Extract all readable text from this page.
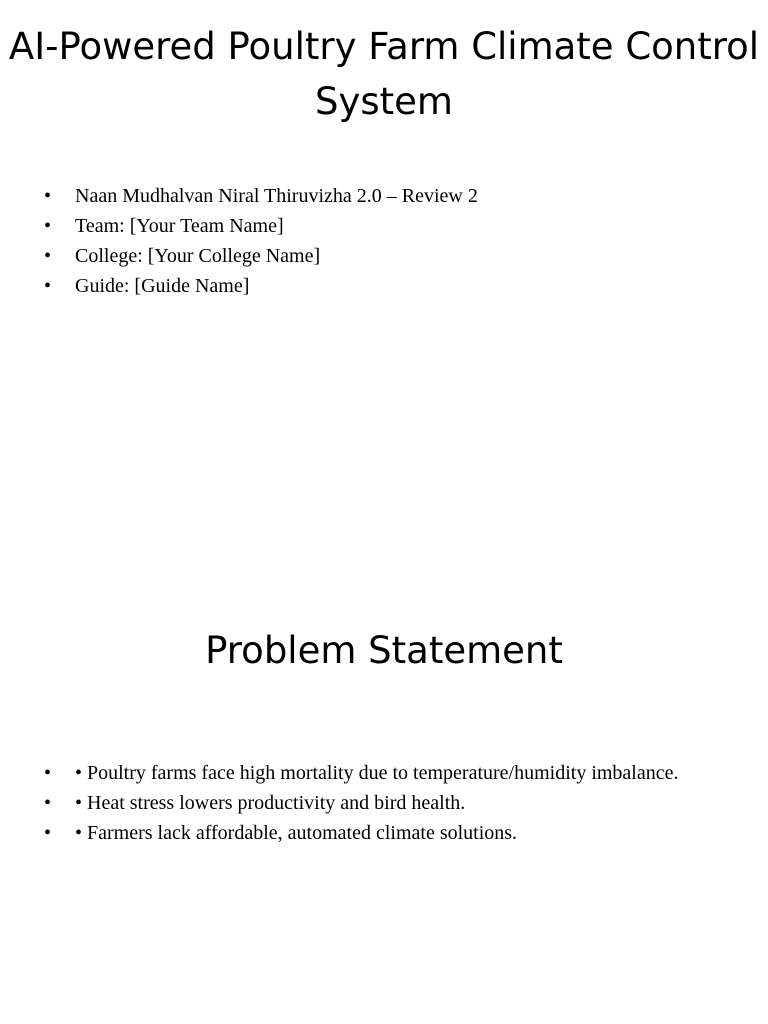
AI-Powered Poultry Farm Climate Control System
• Naan Mudhalvan Niral Thiruvizha 2.0 – Review 2
• Team: [Your Team Name]
• College: [Your College Name]
• Guide: [Guide Name]
Problem Statement
• • Poultry farms face high mortality due to temperature/humidity imbalance.
• • Heat stress lowers productivity and bird health.
• • Farmers lack affordable, automated climate solutions.
